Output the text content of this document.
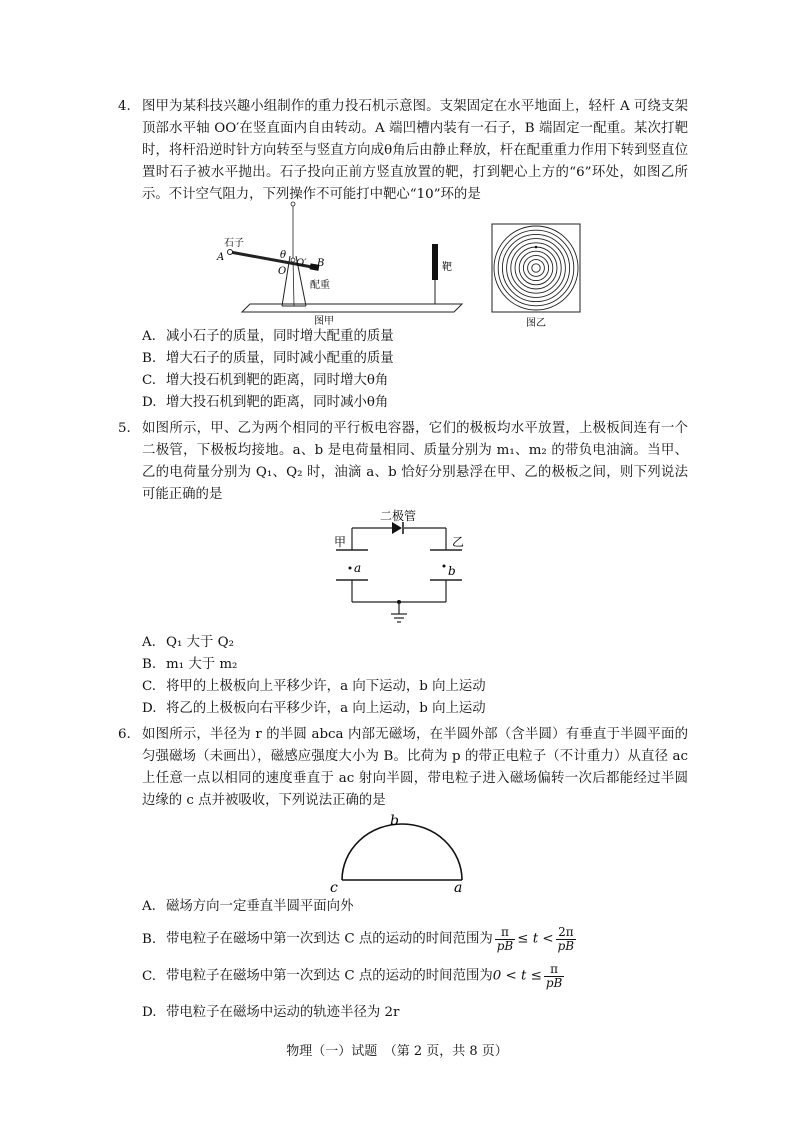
4. 图甲为某科技兴趣小组制作的重力投石机示意图。支架固定在水平地面上，轻杆 A 可绕支架顶部水平轴 OO′在竖直面内自由转动。A 端凹槽内装有一石子，B 端固定一配重。某次打靶时，将杆沿逆时针方向转至与竖直方向成θ角后由静止释放，杆在配重重力作用下转到竖直位置时石子被水平抛出。石子投向正前方竖直放置的靶，打到靶心上方的“6”环处，如图乙所示。不计空气阻力，下列操作不可能打中靶心“10”环的是
石子
A	θ
O
O′ B
配重
靶
图甲	图乙
A. 减小石子的质量，同时增大配重的质量
B. 增大石子的质量，同时减小配重的质量
C. 增大投石机到靶的距离，同时增大θ角
D. 增大投石机到靶的距离，同时减小θ角
5. 如图所示，甲、乙为两个相同的平行板电容器，它们的极板均水平放置，上极板间连有一个二极管，下极板均接地。a、b 是电荷量相同、质量分别为 m₁、m₂ 的带负电油滴。当甲、乙的电荷量分别为 Q₁、Q₂ 时，油滴 a、b 恰好分别悬浮在甲、乙的极板之间，则下列说法可能正确的是
二极管
甲	乙
a	b
A. Q₁ 大于 Q₂
B. m₁ 大于 m₂
C. 将甲的上极板向上平移少许，a 向下运动，b 向上运动
D. 将乙的上极板向右平移少许，a 向上运动，b 向上运动
6. 如图所示，半径为 r 的半圆 abca 内部无磁场，在半圆外部（含半圆）有垂直于半圆平面的匀强磁场（未画出），磁感应强度大小为 B。比荷为 p 的带正电粒子（不计重力）从直径 ac 上任意一点以相同的速度垂直于 ac 射向半圆，带电粒子进入磁场偏转一次后都能经过半圆边缘的 c 点并被吸收，下列说法正确的是
b
c	a
A. 磁场方向一定垂直半圆平面向外
B. 带电粒子在磁场中第一次到达 C 点的运动的时间范围为 $\frac{\pi}{pB} \le t < \frac{2\pi}{pB}$
C. 带电粒子在磁场中第一次到达 C 点的运动的时间范围为$0 < t \le \frac{\pi}{pB}$
D. 带电粒子在磁场中运动的轨迹半径为 2r
物理（一）试题　（第 2 页，共 8 页）
